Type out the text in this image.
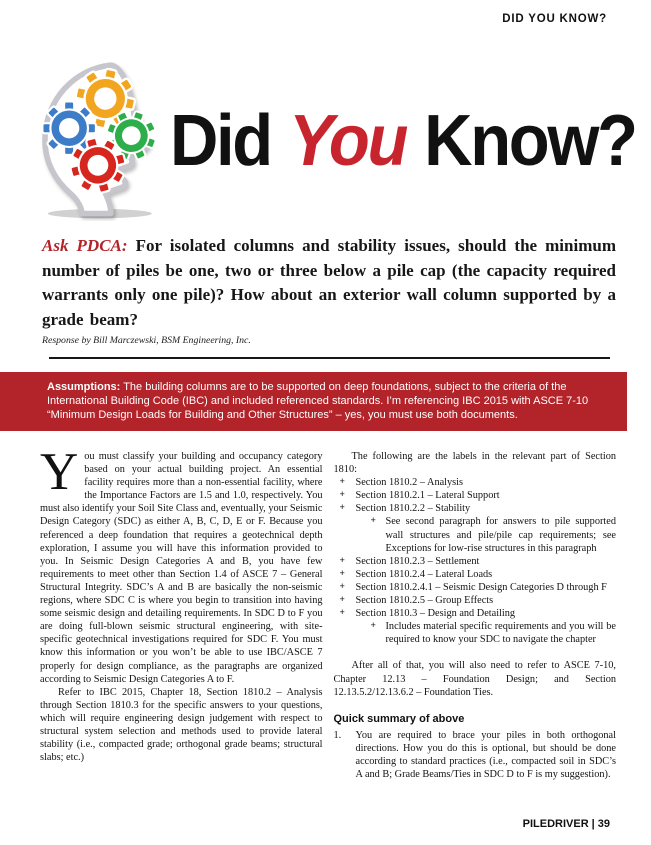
DID YOU KNOW?
Did You Know?

Ask PDCA: For isolated columns and stability issues, should the minimum number of piles be one, two or three below a pile cap (the capacity required warrants only one pile)? How about an exterior wall column supported by a grade beam?

Response by Bill Marczewski, BSM Engineering, Inc.

Assumptions: The building columns are to be supported on deep foundations, subject to the criteria of the International Building Code (IBC) and included referenced standards. I’m referencing IBC 2015 with ASCE 7-10 “Minimum Design Loads for Building and Other Structures” – yes, you must use both documents.

You must classify your building and occupancy category based on your actual building project. An essential facility requires more than a non-essential facility, where the Importance Factors are 1.5 and 1.0, respectively. You must also identify your Soil Site Class and, eventually, your Seismic Design Category (SDC) as either A, B, C, D, E or F. Because you referenced a deep foundation that requires a geotechnical depth exploration, I assume you will have this information provided to you. In Seismic Design Categories A and B, you have few requirements to meet other than Section 1.4 of ASCE 7 – General Structural Integrity. SDC’s A and B are basically the non-seismic regions, where SDC C is where you begin to transition into having some seismic design and detailing requirements. In SDC D to F you are doing full-blown seismic structural engineering, with site-specific geotechnical investigations required for SDC F. You must know this information or you won’t be able to use IBC/ASCE 7 properly for design compliance, as the paragraphs are organized according to Seismic Design Categories A to F.

Refer to IBC 2015, Chapter 18, Section 1810.2 – Analysis through Section 1810.3 for the specific answers to your questions, which will require engineering design judgement with respect to structural system selection and methods used to provide lateral stability (i.e., compacted grade; orthogonal grade beams; structural slabs; etc.)

The following are the labels in the relevant part of Section 1810:

+ Section 1810.2 – Analysis
+ Section 1810.2.1 – Lateral Support
+ Section 1810.2.2 – Stability
+ See second paragraph for answers to pile supported wall structures and pile/pile cap requirements; see Exceptions for low-rise structures in this paragraph
+ Section 1810.2.3 – Settlement
+ Section 1810.2.4 – Lateral Loads
+ Section 1810.2.4.1 – Seismic Design Categories D through F
+ Section 1810.2.5 – Group Effects
+ Section 1810.3 – Design and Detailing
+ Includes material specific requirements and you will be required to know your SDC to navigate the chapter

After all of that, you will also need to refer to ASCE 7-10, Chapter 12.13 – Foundation Design; and Section 12.13.5.2/12.13.6.2 – Foundation Ties.

Quick summary of above
1.	You are required to brace your piles in both orthogonal directions. How you do this is optional, but should be done according to standard practices (i.e., compacted soil in SDC’s A and B; Grade Beams/Ties in SDC D to F is my suggestion).
PILEDRIVER | 39
